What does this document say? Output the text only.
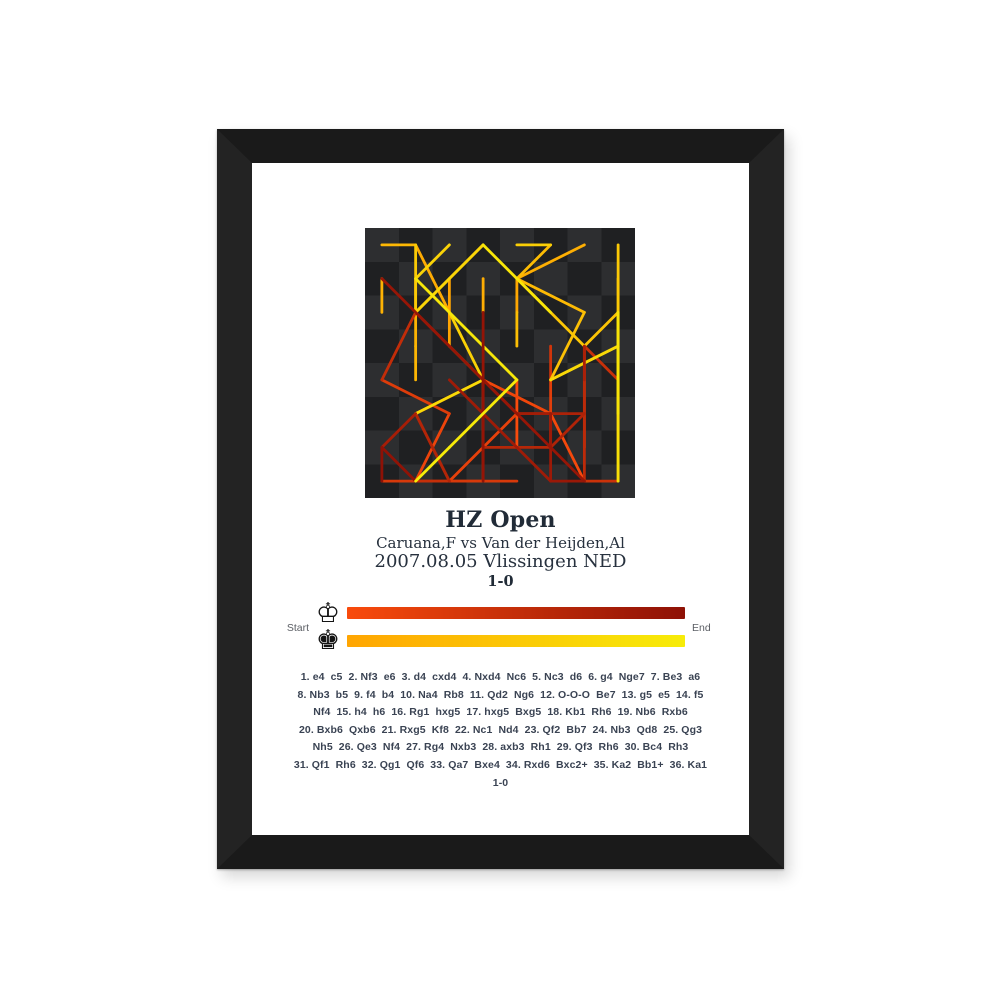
HZ Open
Caruana,F vs Van der Heijden,Al
2007.08.05 Vlissingen NED
1-0
Start ♔
♚	End
1. e4  c5  2. Nf3  e6  3. d4  cxd4  4. Nxd4  Nc6  5. Nc3  d6  6. g4  Nge7  7. Be3  a6
8. Nb3  b5  9. f4  b4  10. Na4  Rb8  11. Qd2  Ng6  12. O-O-O  Be7  13. g5  e5  14. f5
Nf4  15. h4  h6  16. Rg1  hxg5  17. hxg5  Bxg5  18. Kb1  Rh6  19. Nb6  Rxb6
20. Bxb6  Qxb6  21. Rxg5  Kf8  22. Nc1  Nd4  23. Qf2  Bb7  24. Nb3  Qd8  25. Qg3
Nh5  26. Qe3  Nf4  27. Rg4  Nxb3  28. axb3  Rh1  29. Qf3  Rh6  30. Bc4  Rh3
31. Qf1  Rh6  32. Qg1  Qf6  33. Qa7  Bxe4  34. Rxd6  Bxc2+  35. Ka2  Bb1+  36. Ka1
1-0
